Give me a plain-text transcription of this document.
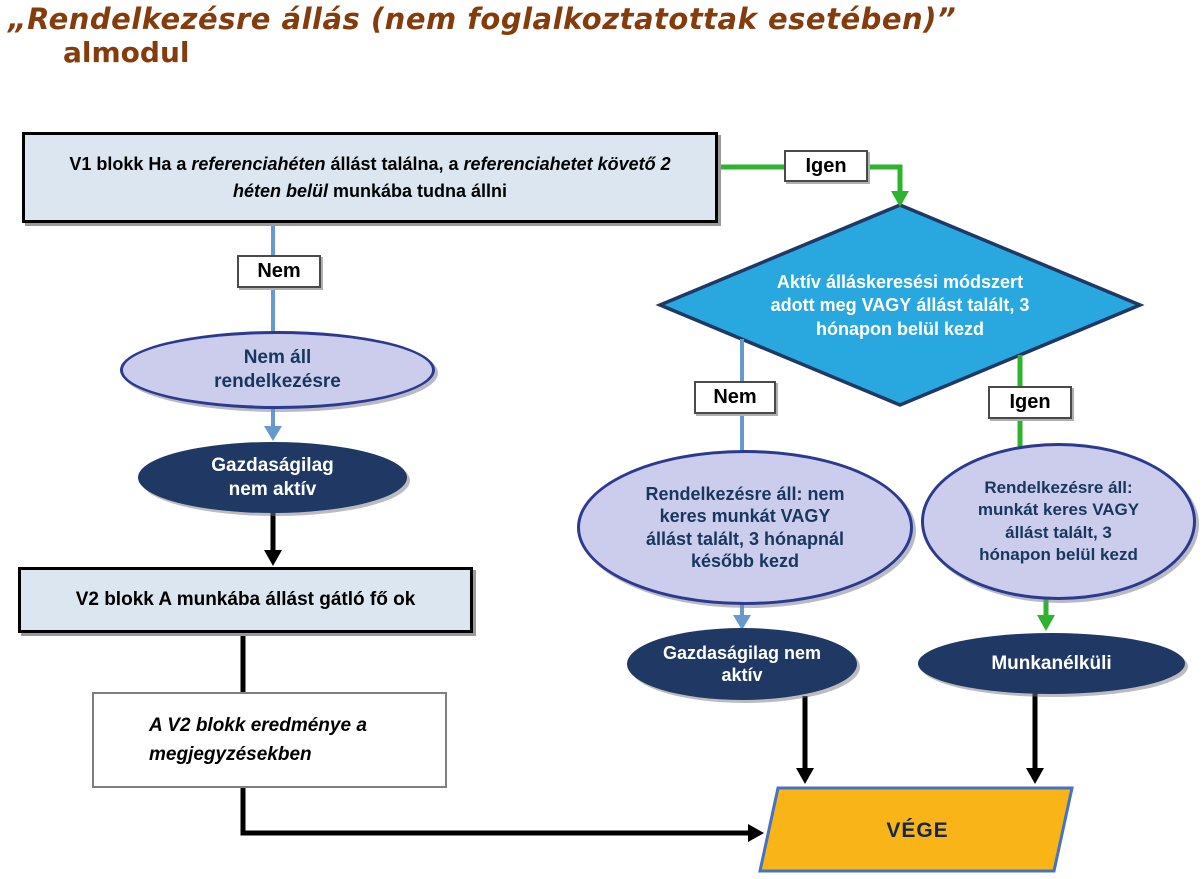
„Rendelkezésre állás (nem foglalkoztatottak esetében)”
almodul
V1 blokk Ha a referenciahéten állást találna, a referenciahetet követő 2 héten belül munkába tudna állni
V2 blokk A munkába állást gátló fő ok
A V2 blokk eredménye a megjegyzésekben
Igen
Nem
Nem	Igen
Nem áll rendelkezésre
Gazdaságilag nem aktív	Rendelkezésre áll: nem keres munkát VAGY állást talált, 3 hónapnál később kezd
Rendelkezésre áll: munkát keres VAGY állást talált, 3 hónapon belül kezd
Gazdaságilag nem aktív
Munkanélküli
Aktív álláskeresési módszert adott meg VAGY állást talált, 3 hónapon belül kezd
VÉGE
